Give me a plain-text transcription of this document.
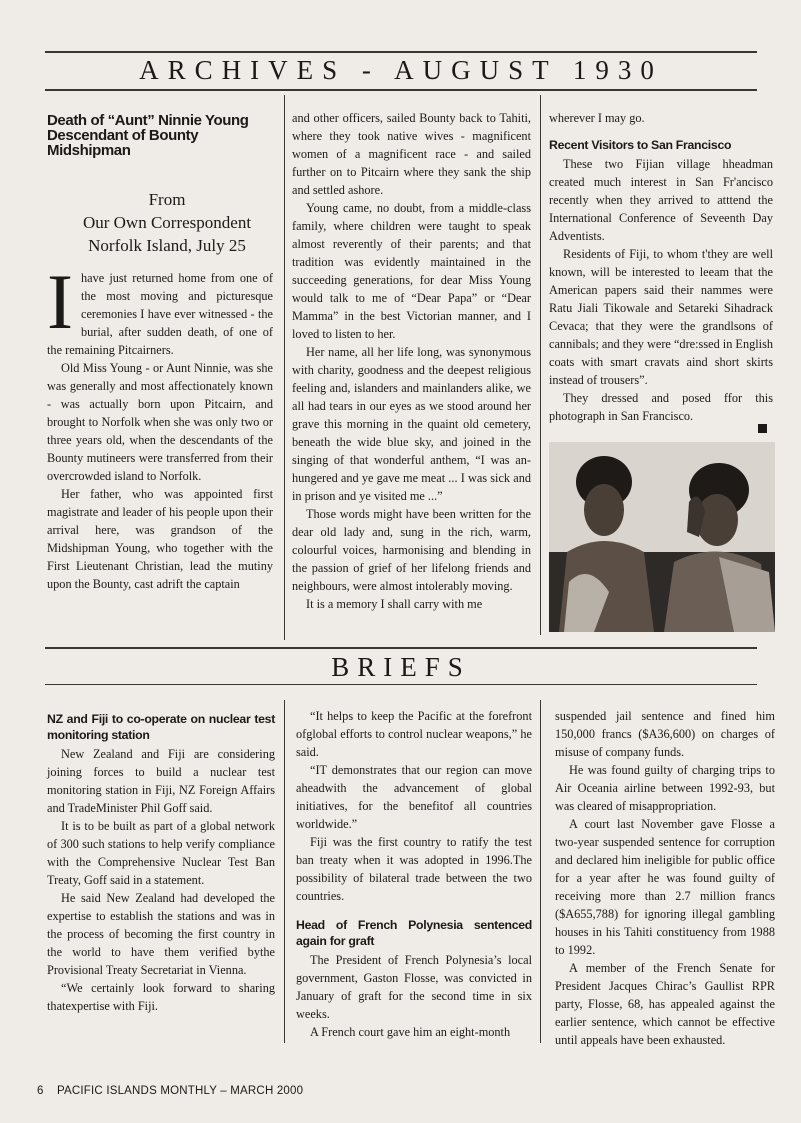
ARCHIVES - AUGUST 1930
Death of “Aunt” Ninnie Young Descendant of Bounty Midshipman

From

Our Own Correspondent

Norfolk Island, July 25

Ihave just returned home from one of the most moving and picturesque ceremonies I have ever witnessed - the burial, after sudden death, of one of the remaining Pitcairners.

Old Miss Young - or Aunt Ninnie, was she was generally and most affectionately known - was actually born upon Pitcairn, and brought to Norfolk when she was only two or three years old, when the descendants of the Bounty mutineers were transferred from their overcrowded island to Norfolk.

Her father, who was appointed first magistrate and leader of his people upon their arrival here, was grandson of the Midshipman Young, who together with the First Lieutenant Christian, lead the mutiny upon the Bounty, cast adrift the captain

and other officers, sailed Bounty back to Tahiti, where they took native wives - magnificent women of a magnificent race - and sailed further on to Pitcairn where they sank the ship and settled ashore.

Young came, no doubt, from a middle-class family, where children were taught to speak almost reverently of their parents; and that tradition was evidently maintained in the succeeding generations, for dear Miss Young would talk to me of “Dear Papa” or “Dear Mamma” in the best Victorian manner, and I loved to listen to her.

Her name, all her life long, was synonymous with charity, goodness and the deepest religious feeling and, islanders and mainlanders alike, we all had tears in our eyes as we stood around her grave this morning in the quaint old cemetery, beneath the wide blue sky, and joined in the singing of that wonderful anthem, “I was an-hungered and ye gave me meat ... I was sick and in prison and ye visited me ...”

Those words might have been written for the dear old lady and, sung in the rich, warm, colourful voices, harmonising and blending in the passion of grief of her lifelong friends and neighbours, were almost intolerably moving.

It is a memory I shall carry with me

wherever I may go.

Recent Visitors to San Francisco

These two Fijian village hheadman created much interest in San Fr'ancisco recently when they arrived to atttend the International Conference of Seveenth Day Adventists.

Residents of Fiji, to whom t'they are well known, will be interested to leeam that the American papers said their nammes were Ratu Jiali Tikowale and Setareki Sihadrack Cevaca; that they were the grandlsons of cannibals; and they were “dre:ssed in English coats with smart cravats aind short skirts instead of trousers”.

They dressed and posed ffor this photograph in San Francisco.

BRIEFS
NZ and Fiji to co-operate on nuclear test monitoring station

New Zealand and Fiji are considering joining forces to build a nuclear test monitoring station in Fiji, NZ Foreign Affairs and TradeMinister Phil Goff said.

It is to be built as part of a global network of 300 such stations to help verify compliance with the Comprehensive Nuclear Test Ban Treaty, Goff said in a statement.

He said New Zealand had developed the expertise to establish the stations and was in the process of becoming the first country in the world to have them verified bythe Provisional Treaty Secretariat in Vienna.

“We certainly look forward to sharing thatexpertise with Fiji.

“It helps to keep the Pacific at the forefront ofglobal efforts to control nuclear weapons,” he said.

“IT demonstrates that our region can move aheadwith the advancement of global initiatives, for the benefitof all countries worldwide.”

Fiji was the first country to ratify the test ban treaty when it was adopted in 1996.The possibility of bilateral trade between the two countries.

Head of French Polynesia sentenced again for graft

The President of French Polynesia’s local government, Gaston Flosse, was convicted in January of graft for the second time in six weeks.

A French court gave him an eight-month

suspended jail sentence and fined him 150,000 francs ($A36,600) on charges of misuse of company funds.

He was found guilty of charging trips to Air Oceania airline between 1992-93, but was cleared of misappropriation.

A court last November gave Flosse a two-year suspended sentence for corruption and declared him ineligible for public office for a year after he was found guilty of receiving more than 2.7 million francs ($A655,788) for ignoring illegal gambling houses in his Tahiti constituency from 1988 to 1992.

A member of the French Senate for President Jacques Chirac’s Gaullist RPR party, Flosse, 68, has appealed against the earlier sentence, which cannot be effective until appeals have been exhausted.

6 PACIFIC ISLANDS MONTHLY – MARCH 2000
